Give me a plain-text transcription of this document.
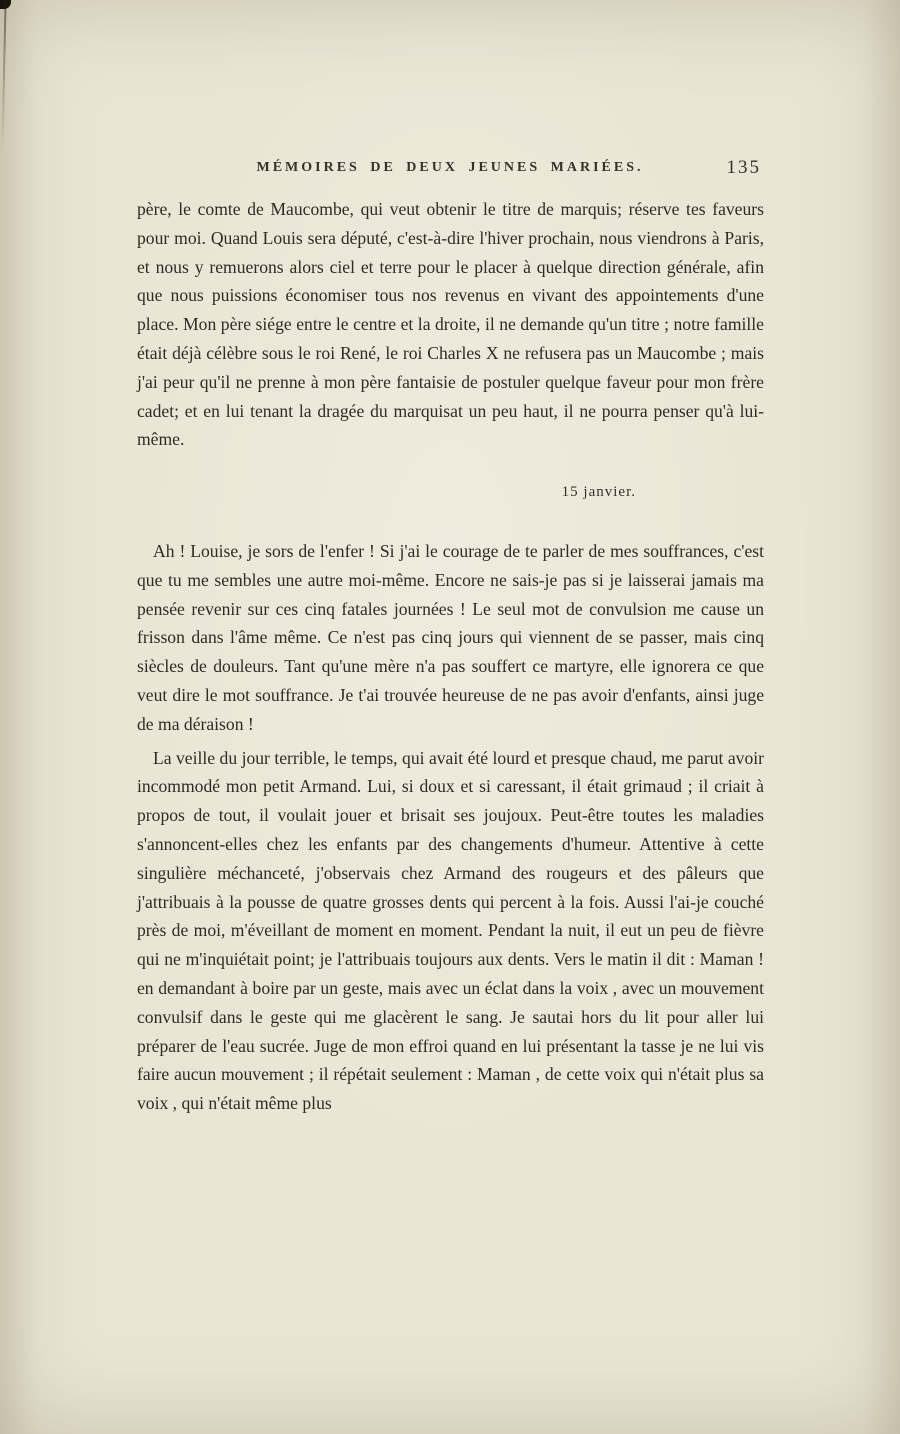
MÉMOIRES DE DEUX JEUNES MARIÉES.	135

père, le comte de Maucombe, qui veut obtenir le titre de marquis; réserve tes faveurs pour moi. Quand Louis sera député, c'est-à-dire l'hiver prochain, nous viendrons à Paris, et nous y remuerons alors ciel et terre pour le placer à quelque direction générale, afin que nous puissions économiser tous nos revenus en vivant des appointements d'une place. Mon père siége entre le centre et la droite, il ne demande qu'un titre ; notre famille était déjà célèbre sous le roi René, le roi Charles X ne refusera pas un Maucombe ; mais j'ai peur qu'il ne prenne à mon père fantaisie de postuler quelque faveur pour mon frère cadet; et en lui tenant la dragée du marquisat un peu haut, il ne pourra penser qu'à lui-même.

15 janvier.

Ah ! Louise, je sors de l'enfer ! Si j'ai le courage de te parler de mes souffrances, c'est que tu me sembles une autre moi-même. Encore ne sais-je pas si je laisserai jamais ma pensée revenir sur ces cinq fatales journées ! Le seul mot de convulsion me cause un frisson dans l'âme même. Ce n'est pas cinq jours qui viennent de se passer, mais cinq siècles de douleurs. Tant qu'une mère n'a pas souffert ce martyre, elle ignorera ce que veut dire le mot souffrance. Je t'ai trouvée heureuse de ne pas avoir d'enfants, ainsi juge de ma déraison !

La veille du jour terrible, le temps, qui avait été lourd et presque chaud, me parut avoir incommodé mon petit Armand. Lui, si doux et si caressant, il était grimaud ; il criait à propos de tout, il voulait jouer et brisait ses joujoux. Peut-être toutes les maladies s'annoncent-elles chez les enfants par des changements d'humeur. Attentive à cette singulière méchanceté, j'observais chez Armand des rougeurs et des pâleurs que j'attribuais à la pousse de quatre grosses dents qui percent à la fois. Aussi l'ai-je couché près de moi, m'éveillant de moment en moment. Pendant la nuit, il eut un peu de fièvre qui ne m'inquiétait point; je l'attribuais toujours aux dents. Vers le matin il dit : Maman ! en demandant à boire par un geste, mais avec un éclat dans la voix , avec un mouvement convulsif dans le geste qui me glacèrent le sang. Je sautai hors du lit pour aller lui préparer de l'eau sucrée. Juge de mon effroi quand en lui présentant la tasse je ne lui vis faire aucun mouvement ; il répétait seulement : Maman , de cette voix qui n'était plus sa voix , qui n'était même plus
